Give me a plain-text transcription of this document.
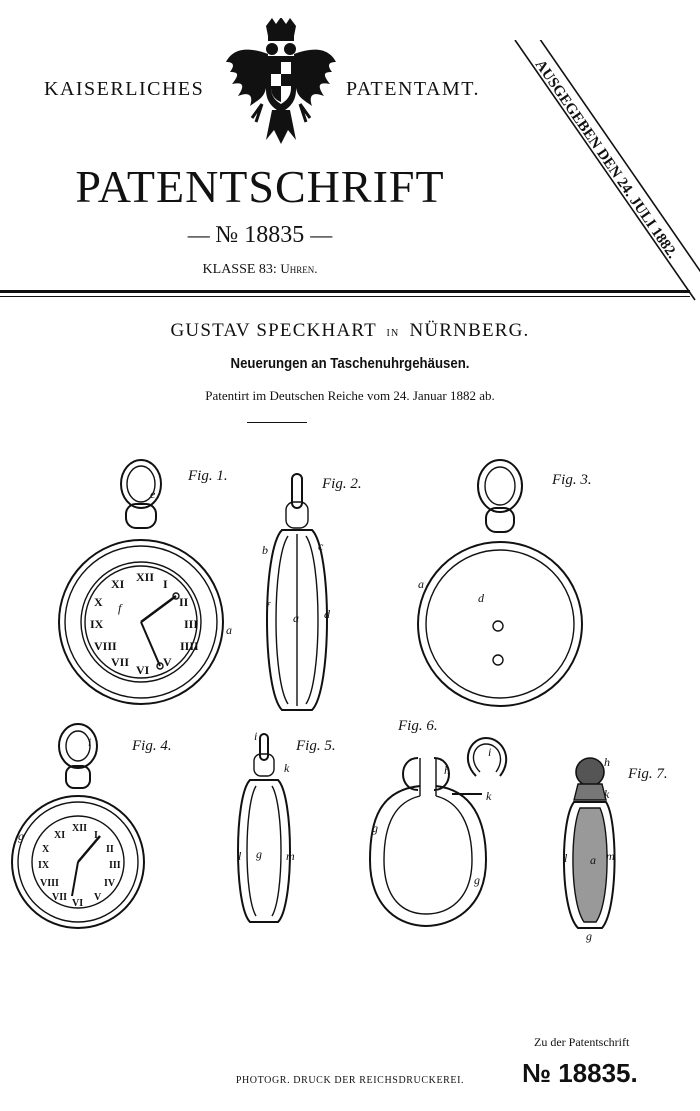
KAISERLICHES	PATENTAMT.	AUSGEGEBEN DEN 24. JULI 1882.
PATENTSCHRIFT
— № 18835 —
KLASSE 83: Uhren.
GUSTAV SPECKHART in NÜRNBERG.
Neuerungen an Taschenuhrgehäusen.
Patentirt im Deutschen Reiche vom 24. Januar 1882 ab.
XII I
II
III
IIII
V
VI
VII
VIII
IX
X
XI
XII
I
II
III
IV
V
VI
VII
VIII
IX
X
XI
Fig. 1.	Fig. 2.	Fig. 3.
Fig. 4.	Fig. 5.
Fig. 6.
Fig. 7.
e
f
a
b	c
f
a d
a
d
i
g
i
k
l g m
h
k
i
g
g
h
k
l a m
g
Zu der Patentschrift
PHOTOGR. DRUCK DER REICHSDRUCKEREI.	№ 18835.
